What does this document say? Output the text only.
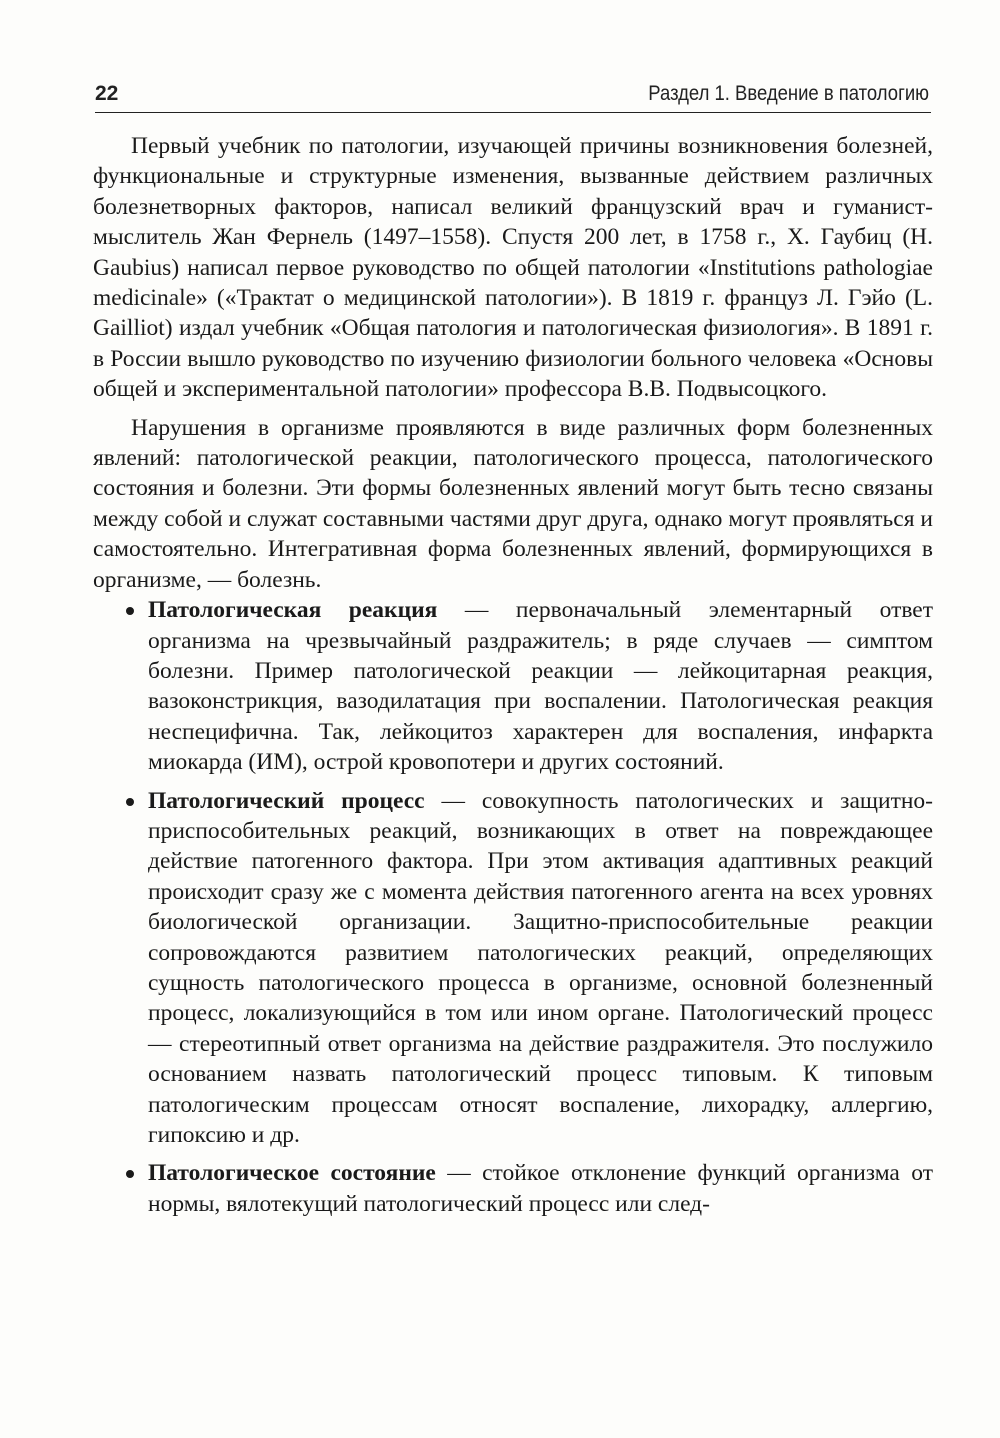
22	Раздел 1. Введение в патологию

Первый учебник по патологии, изучающей причины возникновения болезней, функциональные и структурные изменения, вызванные действием различных болезнетворных факторов, написал великий французский врач и гуманист-мыслитель Жан Фернель (1497–1558). Спустя 200 лет, в 1758 г., Х. Гаубиц (H. Gaubius) написал первое руководство по общей патологии «Institutions pathologiae medicinale» («Трактат о медицинской патологии»). В 1819 г. француз Л. Гэйо (L. Gailliot) издал учебник «Общая патология и патологическая физиология». В 1891 г. в России вышло руководство по изучению физиологии больного человека «Основы общей и экспериментальной патологии» профессора В.В. Подвысоцкого.

Нарушения в организме проявляются в виде различных форм болезненных явлений: патологической реакции, патологического процесса, патологического состояния и болезни. Эти формы болезненных явлений могут быть тесно связаны между собой и служат составными частями друг друга, однако могут проявляться и самостоятельно. Интегративная форма болезненных явлений, формирующихся в организме, — болезнь.

Патологическая реакция — первоначальный элементарный ответ организма на чрезвычайный раздражитель; в ряде случаев — симптом болезни. Пример патологической реакции — лейкоцитарная реакция, вазоконстрикция, вазодилатация при воспалении. Патологическая реакция неспецифична. Так, лейкоцитоз характерен для воспаления, инфаркта миокарда (ИМ), острой кровопотери и других состояний.
Патологический процесс — совокупность патологических и защитно-приспособительных реакций, возникающих в ответ на повреждающее действие патогенного фактора. При этом активация адаптивных реакций происходит сразу же с момента действия патогенного агента на всех уровнях биологической организации. Защитно-приспособительные реакции сопровождаются развитием патологических реакций, определяющих сущность патологического процесса в организме, основной болезненный процесс, локализующийся в том или ином органе. Патологический процесс — стереотипный ответ организма на действие раздражителя. Это послужило основанием назвать патологический процесс типовым. К типовым патологическим процессам относят воспаление, лихорадку, аллергию, гипоксию и др.
Патологическое состояние — стойкое отклонение функций организма от нормы, вялотекущий патологический процесс или след-
